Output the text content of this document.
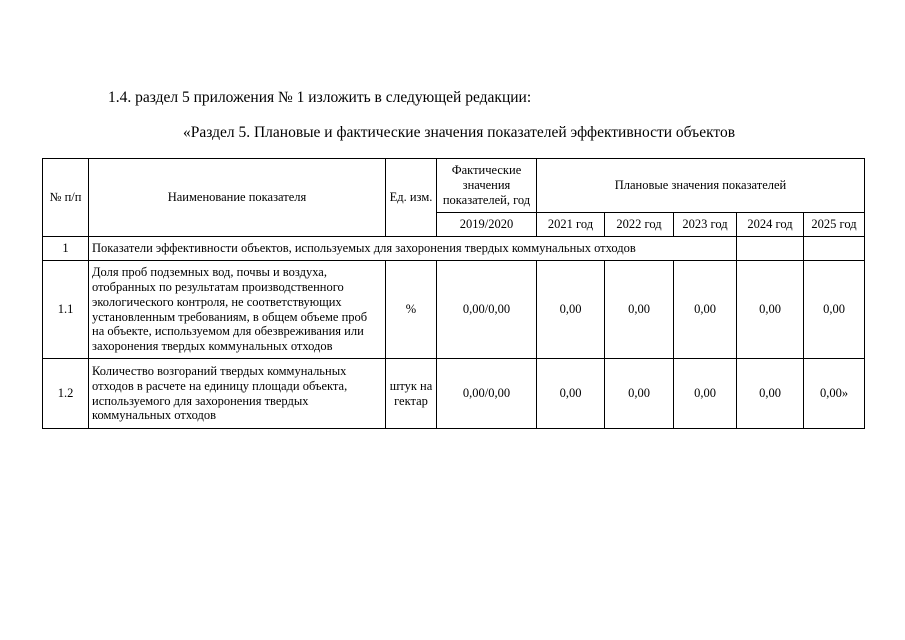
1.4. раздел 5 приложения № 1 изложить в следующей редакции:
«Раздел 5. Плановые и фактические значения показателей эффективности объектов
№ п/п	Наименование показателя	Ед. изм.	Фактические значения показателей, год	Плановые значения показателей				
			2019/2020	2021 год	2022 год	2023 год	2024 год	2025 год
1	Показатели эффективности объектов, используемых для захоронения твердых коммунальных отходов							
1.1	Доля проб подземных вод, почвы и воздуха, отобранных по результатам производственного экологического контроля, не соответствующих установленным требованиям, в общем объеме проб на объекте, используемом для обезвреживания или захоронения твердых коммунальных отходов	%	0,00/0,00	0,00	0,00	0,00	0,00	0,00
1.2	Количество возгораний твердых коммунальных отходов в расчете на единицу площади объекта, используемого для захоронения твердых коммунальных отходов	штук на гектар	0,00/0,00	0,00	0,00	0,00	0,00	0,00»
